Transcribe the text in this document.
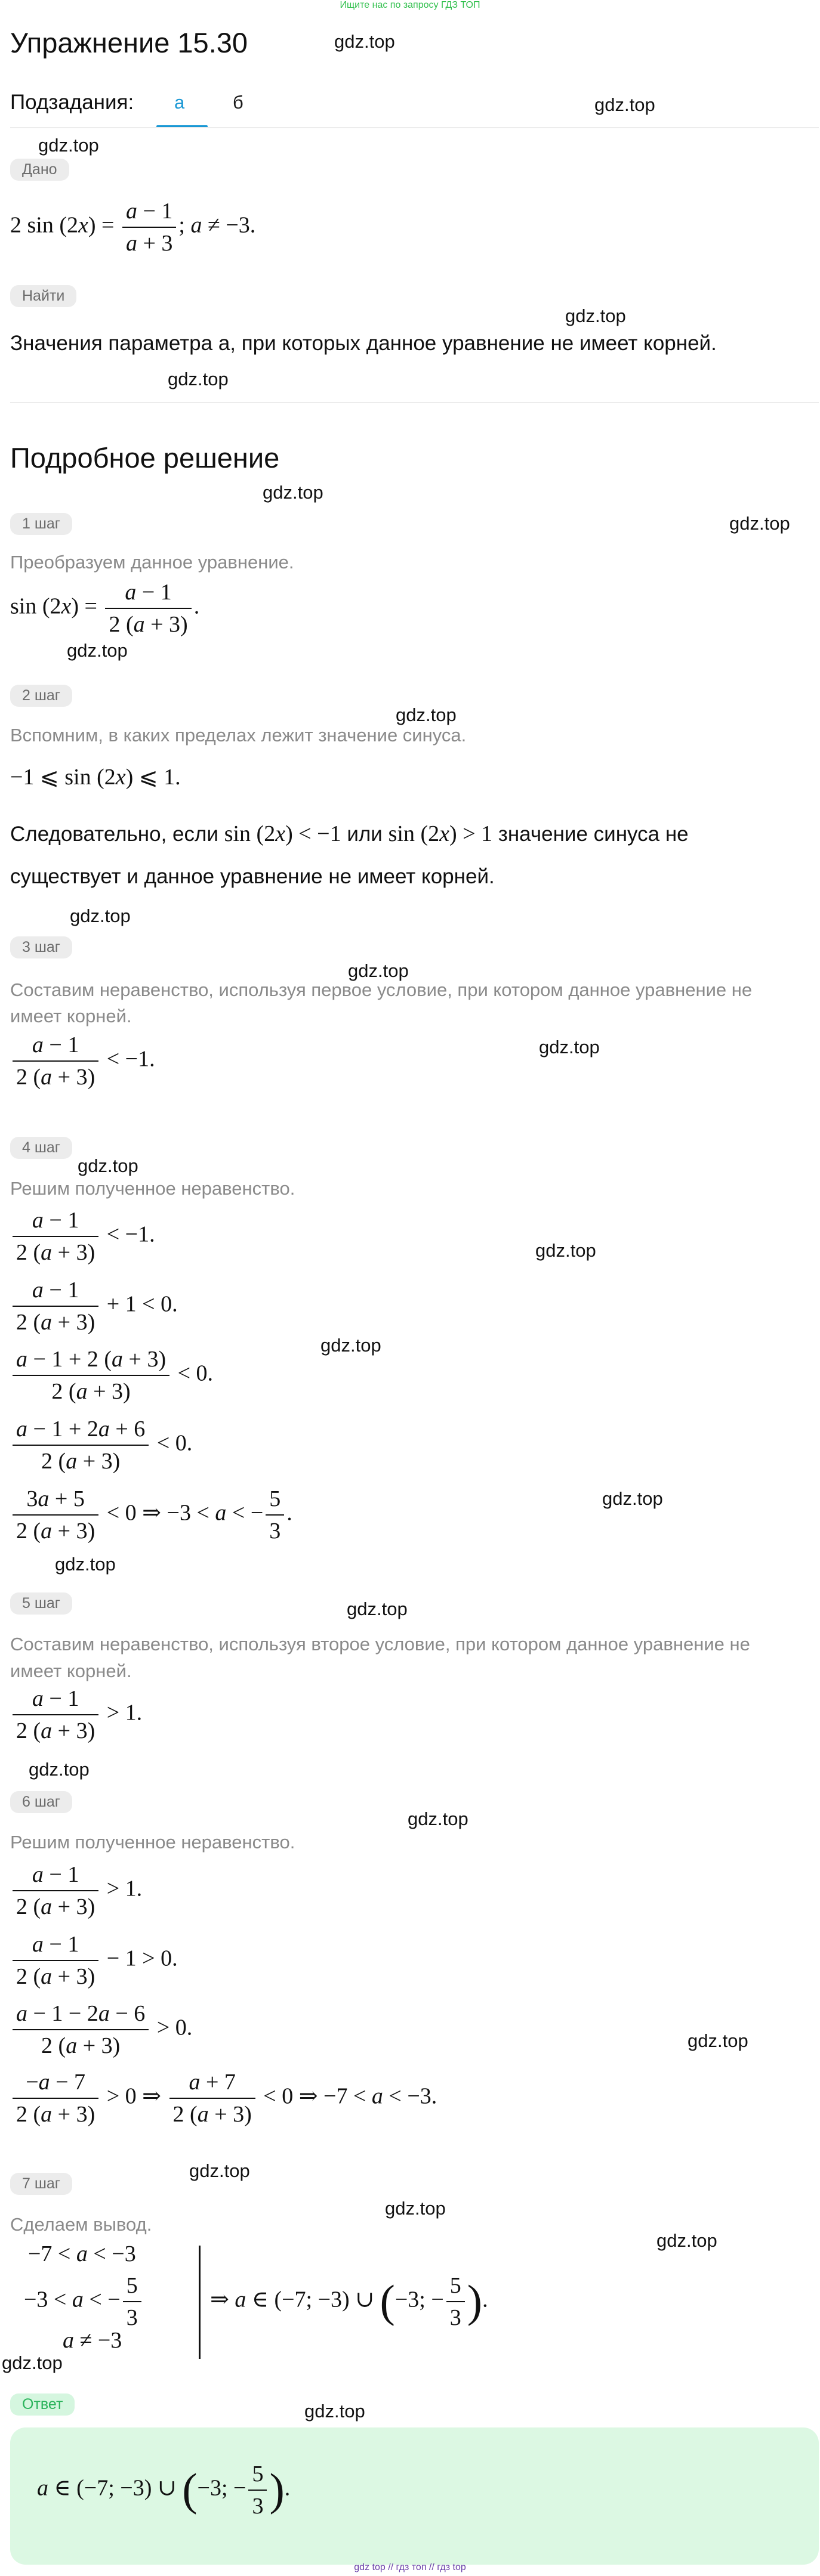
Ищите нас по запросу ГДЗ ТОП
Упражнение 15.30	gdz.top
gdz.top
gdz.top
gdz.top
gdz.top
gdz.top
gdz.top
gdz.top
gdz.top
gdz.top
gdz.top
gdz.top
gdz.top
gdz.top
gdz.top
gdz.top
gdz.top
gdz.top
gdz.top
gdz.top
gdz.top
gdz.top
gdz.top
gdz.top
gdz.top
gdz.top
Подзадания: а	б
Дано
2 $\sin (2x) = \frac{a - 1}{a + 3}$ ; a ≠ −3.
Найти
Значения параметра a, при которых данное уравнение не имеет корней.
Подробное решение
1 шаг
Преобразуем данное уравнение.
$\sin (2x) = \frac{a - 1}{2 (a + 3)}$ .
2 шаг
Вспомним, в каких пределах лежит значение синуса.
−1 ⩽ sin (2x) ⩽ 1.
Следовательно, если sin (2x) < −1 или sin (2x) > 1 значение синуса не
существует и данное уравнение не имеет корней.
3 шаг
Составим неравенство, используя первое условие, при котором данное уравнение не
имеет корней.
$\frac{a - 1}{2 (a + 3)} < -1$.
4 шаг
Решим полученное неравенство.
$\frac{a - 1}{2 (a + 3)} < -1$.
$\frac{a - 1}{2 (a + 3)} + 1 < 0$.
$\frac{a - 1 + 2 (a + 3)}{2 (a + 3)} < 0$.
$\frac{a - 1 + 2a + 6}{2 (a + 3)} < 0$.
$\frac{3a + 5}{2 (a + 3)} < 0$ ⇒ −3 < a < − $\frac{5}{3}$ .
5 шаг
Составим неравенство, используя второе условие, при котором данное уравнение не
имеет корней.
$\frac{a - 1}{2 (a + 3)} > 1$.
6 шаг
Решим полученное неравенство.
$\frac{a - 1}{2 (a + 3)} > 1$.
$\frac{a - 1}{2 (a + 3)} - 1 > 0$.
$\frac{a - 1 - 2a - 6}{2 (a + 3)} > 0$.
$\frac{-a - 7}{2 (a + 3)} > 0$ ⇒ $\frac{a + 7}{2 (a + 3)} < 0$ ⇒ −7 < a < −3.
7 шаг
Сделаем вывод.
−7 < a < −3
−3 < a < − $\frac{5}{3}$
a ≠ −3
⇒ a ∈ (−7; −3) ∪ (−3; − $\frac{5}{3}$ ).
Ответ
a ∈ (−7; −3) ∪ (−3; − $\frac{5}{3}$ ).
gdz top // гдз топ // гдз top
